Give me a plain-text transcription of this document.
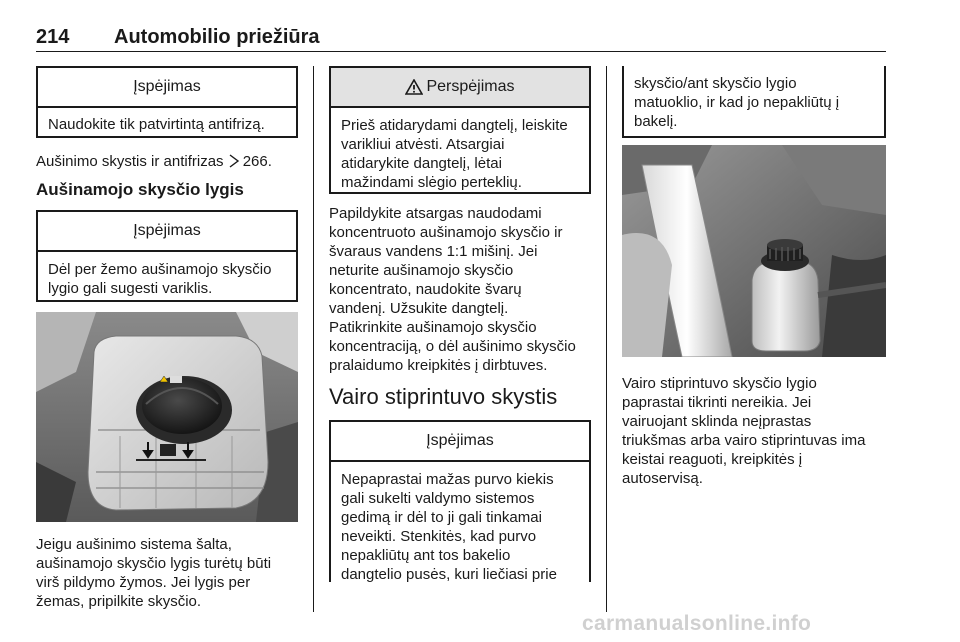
214 Automobilio priežiūra
Įspėjimas
Naudokite tik patvirtintą antifrizą.
Aušinimo skystis ir antifrizas 266.
Aušinamojo skysčio lygis
Įspėjimas
Dėl per žemo aušinamojo skysčio
lygio gali sugesti variklis.
Jeigu aušinimo sistema šalta,
aušinamojo skysčio lygis turėtų būti
virš pildymo žymos. Jei lygis per
žemas, pripilkite skysčio.
Perspėjimas
Prieš atidarydami dangtelį, leiskite
varikliui atvėsti. Atsargiai
atidarykite dangtelį, lėtai
mažindami slėgio perteklių.
Papildykite atsargas naudodami
koncentruoto aušinamojo skysčio ir
švaraus vandens 1:1 mišinį. Jei
neturite aušinamojo skysčio
koncentrato, naudokite švarų
vandenį. Užsukite dangtelį.
Patikrinkite aušinamojo skysčio
koncentraciją, o dėl aušinimo skysčio
pralaidumo kreipkitės į dirbtuves.
Vairo stiprintuvo skystis
Įspėjimas
Nepaprastai mažas purvo kiekis
gali sukelti valdymo sistemos
gedimą ir dėl to ji gali tinkamai
neveikti. Stenkitės, kad purvo
nepakliūtų ant tos bakelio
dangtelio pusės, kuri liečiasi prie
skysčio/ant skysčio lygio
matuoklio, ir kad jo nepakliūtų į
bakelį.
Vairo stiprintuvo skysčio lygio
paprastai tikrinti nereikia. Jei
vairuojant sklinda neįprastas
triukšmas arba vairo stiprintuvas ima
keistai reaguoti, kreipkitės į
autoservisą.
carmanualsonline.info
